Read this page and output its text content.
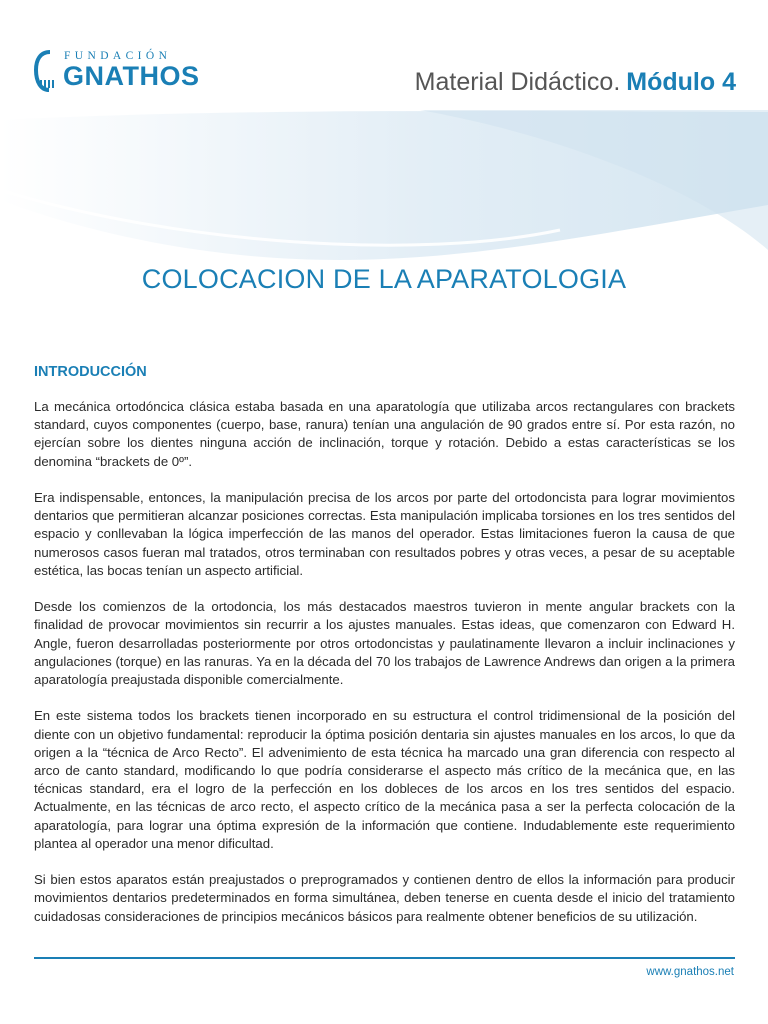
FUNDACIÓN
GNATHOS	Material Didáctico. Módulo 4
COLOCACION DE LA APARATOLOGIA
INTRODUCCIÓN

La mecánica ortodóncica clásica estaba basada en una aparatología que utilizaba arcos rectangulares con brackets standard, cuyos componentes (cuerpo, base, ranura) tenían una angulación de 90 grados entre sí. Por esta razón, no ejercían sobre los dientes ninguna acción de inclinación, torque y rotación. Debido a estas características se los denomina “brackets de 0º”.

Era indispensable, entonces, la manipulación precisa de los arcos por parte del ortodoncista para lograr movimientos dentarios que permitieran alcanzar posiciones correctas. Esta manipulación implicaba torsiones en los tres sentidos del espacio y conllevaban la lógica imperfección de las manos del operador. Estas limitaciones fueron la causa de que numerosos casos fueran mal tratados, otros terminaban con resultados pobres y otras veces, a pesar de su aceptable estética, las bocas tenían un aspecto artificial.

Desde los comienzos de la ortodoncia, los más destacados maestros tuvieron in mente angular brackets con la finalidad de provocar movimientos sin recurrir a los ajustes manuales. Estas ideas, que comenzaron con Edward H. Angle, fueron desarrolladas posteriormente por otros ortodoncistas y paulatinamente llevaron a incluir inclinaciones y angulaciones (torque) en las ranuras. Ya en la década del 70 los trabajos de Lawrence Andrews dan origen a la primera aparatología preajustada disponible comercialmente.

En este sistema todos los brackets tienen incorporado en su estructura el control tridimensional de la posición del diente con un objetivo fundamental: reproducir la óptima posición dentaria sin ajustes manuales en los arcos, lo que da origen a la “técnica de Arco Recto”. El advenimiento de esta técnica ha marcado una gran diferencia con respecto al arco de canto standard, modificando lo que podría considerarse el aspecto más crítico de la mecánica que, en las técnicas standard, era el logro de la perfección en los dobleces de los arcos en los tres sentidos del espacio. Actualmente, en las técnicas de arco recto, el aspecto crítico de la mecánica pasa a ser la perfecta colocación de la aparatología, para lograr una óptima expresión de la información que contiene. Indudablemente este requerimiento plantea al operador una menor dificultad.

Si bien estos aparatos están preajustados o preprogramados y contienen dentro de ellos la información para producir movimientos dentarios predeterminados en forma simultánea, deben tenerse en cuenta desde el inicio del tratamiento cuidadosas consideraciones de principios mecánicos básicos para realmente obtener beneficios de su utilización.

www.gnathos.net
